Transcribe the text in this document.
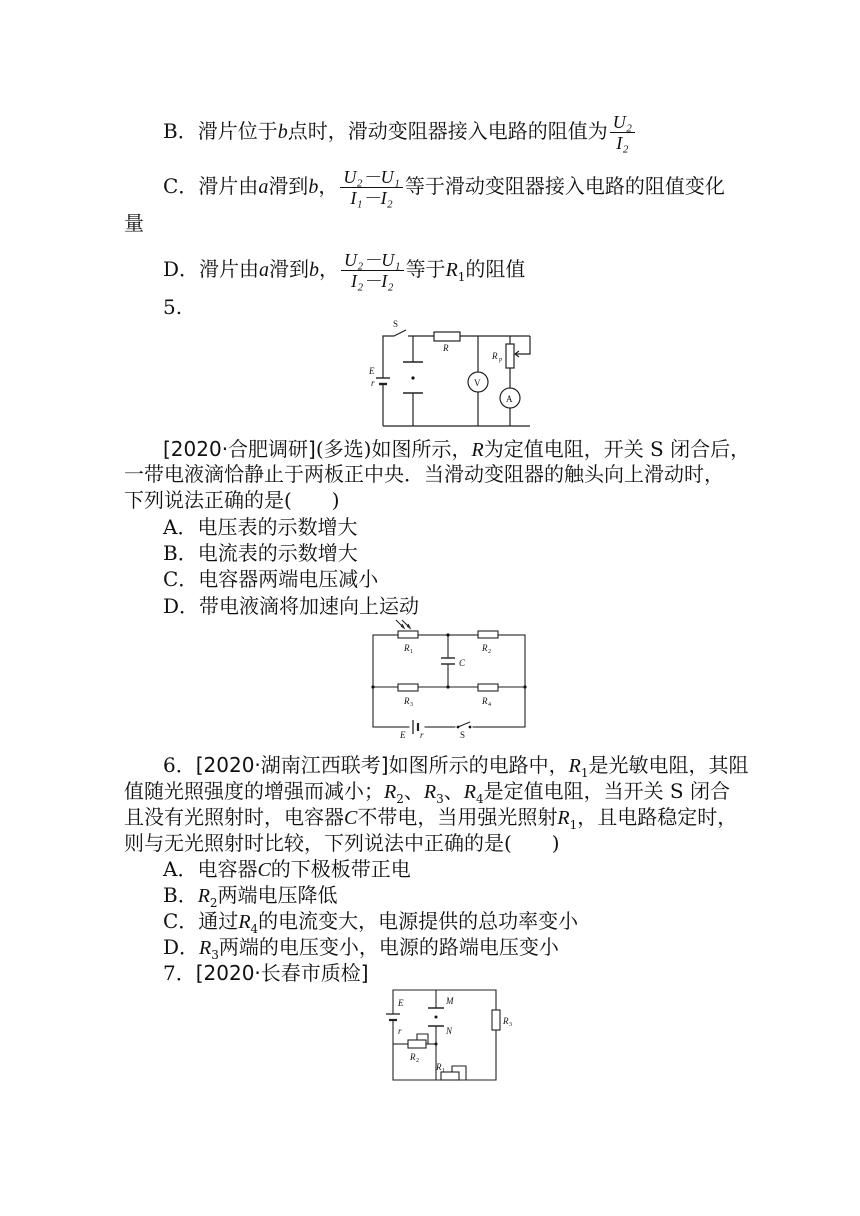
B．滑片位于b点时，滑动变阻器接入电路的阻值为 $\frac{\text{U₂}}{\text{I₂}}$
C．滑片由a滑到b， $\frac{\text{U₂－U₁}}{\text{I₁－I₂}}$ 等于滑动变阻器接入电路的阻值变化
量
D．滑片由a滑到b， $\frac{\text{U₂－U₁}}{\text{I₂－I₂}}$ 等于$R_1$的阻值
5.
S
R
E
r	V
A
R p
[2020·合肥调研](多选)如图所示，R为定值电阻，开关 S 闭合后，
一带电液滴恰静止于两板正中央．当滑动变阻器的触头向上滑动时，
下列说法正确的是(　　)
A．电压表的示数增大
B．电流表的示数增大
C．电容器两端电压减小
D．带电液滴将加速向上运动
R 1	R 2
R 3	R 4
C
E r	S
6．[2020·湖南江西联考]如图所示的电路中，$R_1$是光敏电阻，其阻
值随光照强度的增强而减小；$R_2$、$R_3$、$R_4$是定值电阻，当开关 S 闭合
且没有光照射时，电容器C不带电，当用强光照射$R_1$，且电路稳定时，
则与无光照射时比较，下列说法中正确的是(　　)
A．电容器C的下极板带正电
B．$R_2$两端电压降低
C．通过$R_4$的电流变大，电源提供的总功率变小
D．$R_3$两端的电压变小，电源的路端电压变小
7．[2020·长春市质检]
E
r
M
N
R 2
R 1
R 3
